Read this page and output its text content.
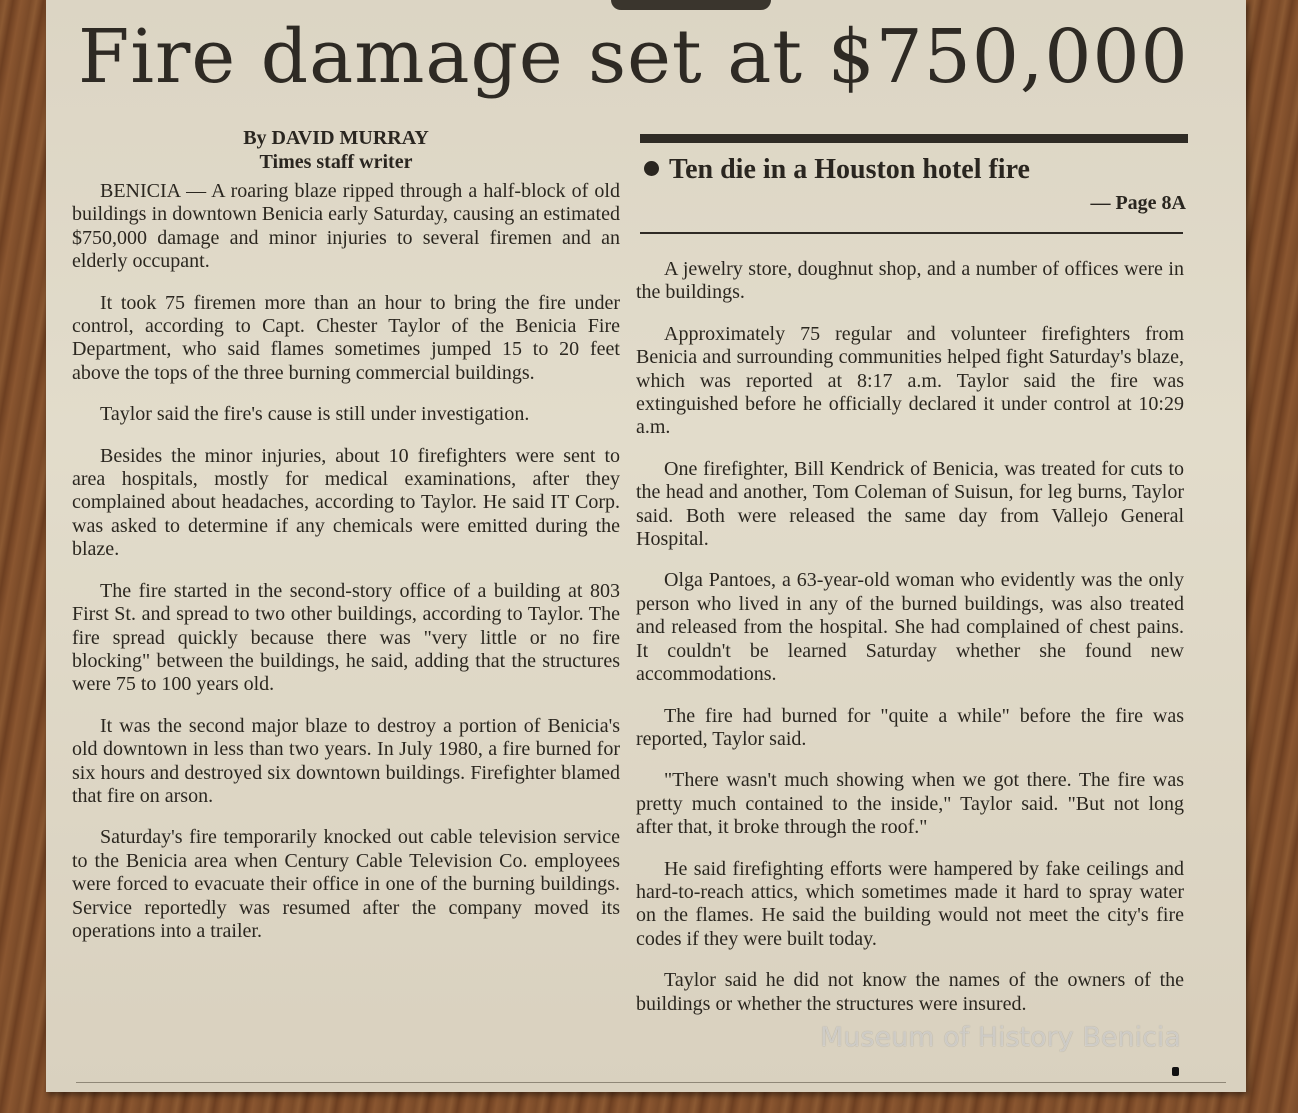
Fire damage set at $750,000
By DAVID MURRAY
Times staff writer	Ten die in a Houston hotel fire
— Page 8A

BENICIA — A roaring blaze ripped through a half-block of old buildings in downtown Benicia early Saturday, causing an estimated $750,000 damage and minor injuries to several firemen and an elderly occupant.

It took 75 firemen more than an hour to bring the fire under control, according to Capt. Chester Taylor of the Benicia Fire Department, who said flames sometimes jumped 15 to 20 feet above the tops of the three burning commercial buildings.

Taylor said the fire's cause is still under investigation.

Besides the minor injuries, about 10 firefighters were sent to area hospitals, mostly for medical examinations, after they complained about headaches, according to Taylor. He said IT Corp. was asked to determine if any chemicals were emitted during the blaze.

The fire started in the second-story office of a building at 803 First St. and spread to two other buildings, according to Taylor. The fire spread quickly because there was "very little or no fire blocking" between the buildings, he said, adding that the structures were 75 to 100 years old.

It was the second major blaze to destroy a portion of Benicia's old downtown in less than two years. In July 1980, a fire burned for six hours and destroyed six downtown buildings. Firefighter blamed that fire on arson.

Saturday's fire temporarily knocked out cable television service to the Benicia area when Century Cable Television Co. employees were forced to evacuate their office in one of the burning buildings. Service reportedly was resumed after the company moved its operations into a trailer.

A jewelry store, doughnut shop, and a number of offices were in the buildings.

Approximately 75 regular and volunteer firefighters from Benicia and surrounding communities helped fight Saturday's blaze, which was reported at 8:17 a.m. Taylor said the fire was extinguished before he officially declared it under control at 10:29 a.m.

One firefighter, Bill Kendrick of Benicia, was treated for cuts to the head and another, Tom Coleman of Suisun, for leg burns, Taylor said. Both were released the same day from Vallejo General Hospital.

Olga Pantoes, a 63-year-old woman who evidently was the only person who lived in any of the burned buildings, was also treated and released from the hospital. She had complained of chest pains. It couldn't be learned Saturday whether she found new accommodations.

The fire had burned for "quite a while" before the fire was reported, Taylor said.

"There wasn't much showing when we got there. The fire was pretty much contained to the inside," Taylor said. "But not long after that, it broke through the roof."

He said firefighting efforts were hampered by fake ceilings and hard-to-reach attics, which sometimes made it hard to spray water on the flames. He said the building would not meet the city's fire codes if they were built today.

Taylor said he did not know the names of the owners of the buildings or whether the structures were insured.

Museum of History Benicia
